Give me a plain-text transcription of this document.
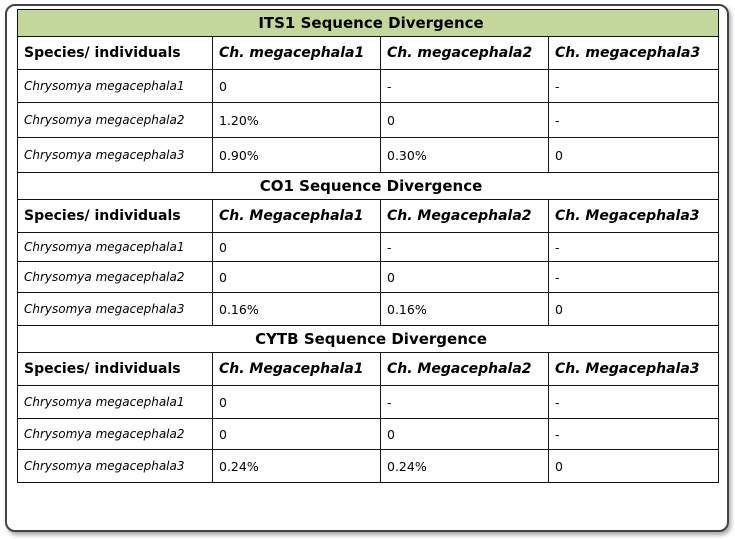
ITS1 Sequence Divergence			
Species/ individuals	Ch. megacephala1	Ch. megacephala2	Ch. megacephala3
Chrysomya megacephala1	0	-	-
Chrysomya megacephala2	1.20%	0	-
Chrysomya megacephala3	0.90%	0.30%	0
CO1 Sequence Divergence			
Species/ individuals	Ch. Megacephala1	Ch. Megacephala2	Ch. Megacephala3
Chrysomya megacephala1	0	-	-
Chrysomya megacephala2	0	0	-
Chrysomya megacephala3	0.16%	0.16%	0
CYTB Sequence Divergence			
Species/ individuals	Ch. Megacephala1	Ch. Megacephala2	Ch. Megacephala3
Chrysomya megacephala1	0	-	-
Chrysomya megacephala2	0	0	-
Chrysomya megacephala3	0.24%	0.24%	0
